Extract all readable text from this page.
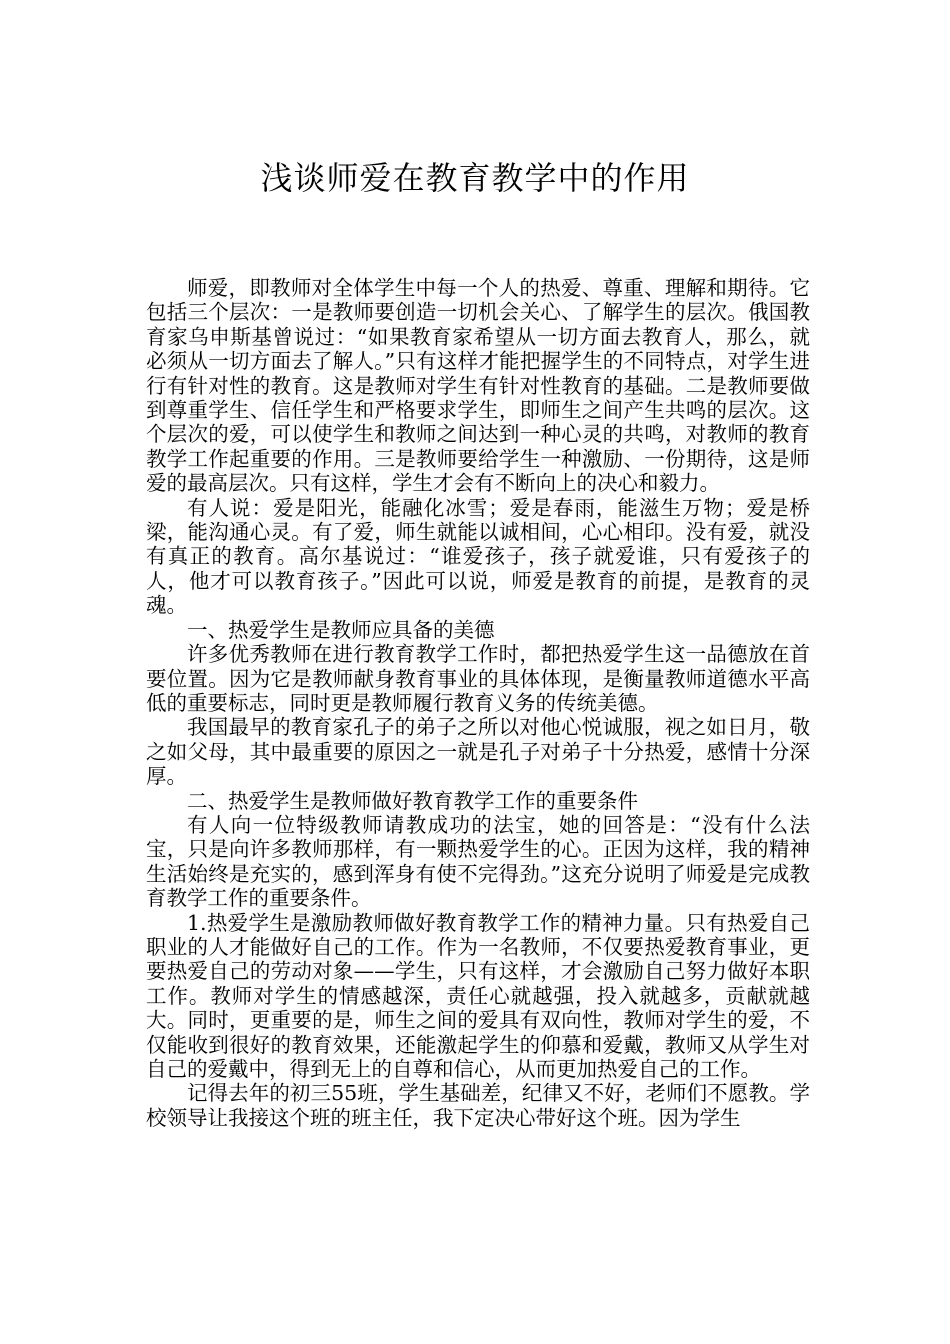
浅谈师爱在教育教学中的作用

师爱，即教师对全体学生中每一个人的热爱、尊重、理解和期待。它包括三个层次：一是教师要创造一切机会关心、了解学生的层次。俄国教育家乌申斯基曾说过：“如果教育家希望从一切方面去教育人，那么，就必须从一切方面去了解人。”只有这样才能把握学生的不同特点，对学生进行有针对性的教育。这是教师对学生有针对性教育的基础。二是教师要做到尊重学生、信任学生和严格要求学生，即师生之间产生共鸣的层次。这个层次的爱，可以使学生和教师之间达到一种心灵的共鸣，对教师的教育教学工作起重要的作用。三是教师要给学生一种激励、一份期待，这是师爱的最高层次。只有这样，学生才会有不断向上的决心和毅力。

有人说：爱是阳光，能融化冰雪；爱是春雨，能滋生万物；爱是桥梁，能沟通心灵。有了爱，师生就能以诚相间，心心相印。没有爱，就没有真正的教育。高尔基说过：“谁爱孩子，孩子就爱谁，只有爱孩子的人，他才可以教育孩子。”因此可以说，师爱是教育的前提，是教育的灵魂。

一、热爱学生是教师应具备的美德

许多优秀教师在进行教育教学工作时，都把热爱学生这一品德放在首要位置。因为它是教师献身教育事业的具体体现，是衡量教师道德水平高低的重要标志，同时更是教师履行教育义务的传统美德。

我国最早的教育家孔子的弟子之所以对他心悦诚服，视之如日月，敬之如父母，其中最重要的原因之一就是孔子对弟子十分热爱，感情十分深厚。

二、热爱学生是教师做好教育教学工作的重要条件

有人向一位特级教师请教成功的法宝，她的回答是：“没有什么法宝，只是向许多教师那样，有一颗热爱学生的心。正因为这样，我的精神生活始终是充实的，感到浑身有使不完得劲。”这充分说明了师爱是完成教育教学工作的重要条件。

1.热爱学生是激励教师做好教育教学工作的精神力量。只有热爱自己职业的人才能做好自己的工作。作为一名教师，不仅要热爱教育事业，更要热爱自己的劳动对象——学生，只有这样，才会激励自己努力做好本职工作。教师对学生的情感越深，责任心就越强，投入就越多，贡献就越大。同时，更重要的是，师生之间的爱具有双向性，教师对学生的爱，不仅能收到很好的教育效果，还能激起学生的仰慕和爱戴，教师又从学生对自己的爱戴中，得到无上的自尊和信心，从而更加热爱自己的工作。

记得去年的初三55班，学生基础差，纪律又不好，老师们不愿教。学校领导让我接这个班的班主任，我下定决心带好这个班。因为学生
